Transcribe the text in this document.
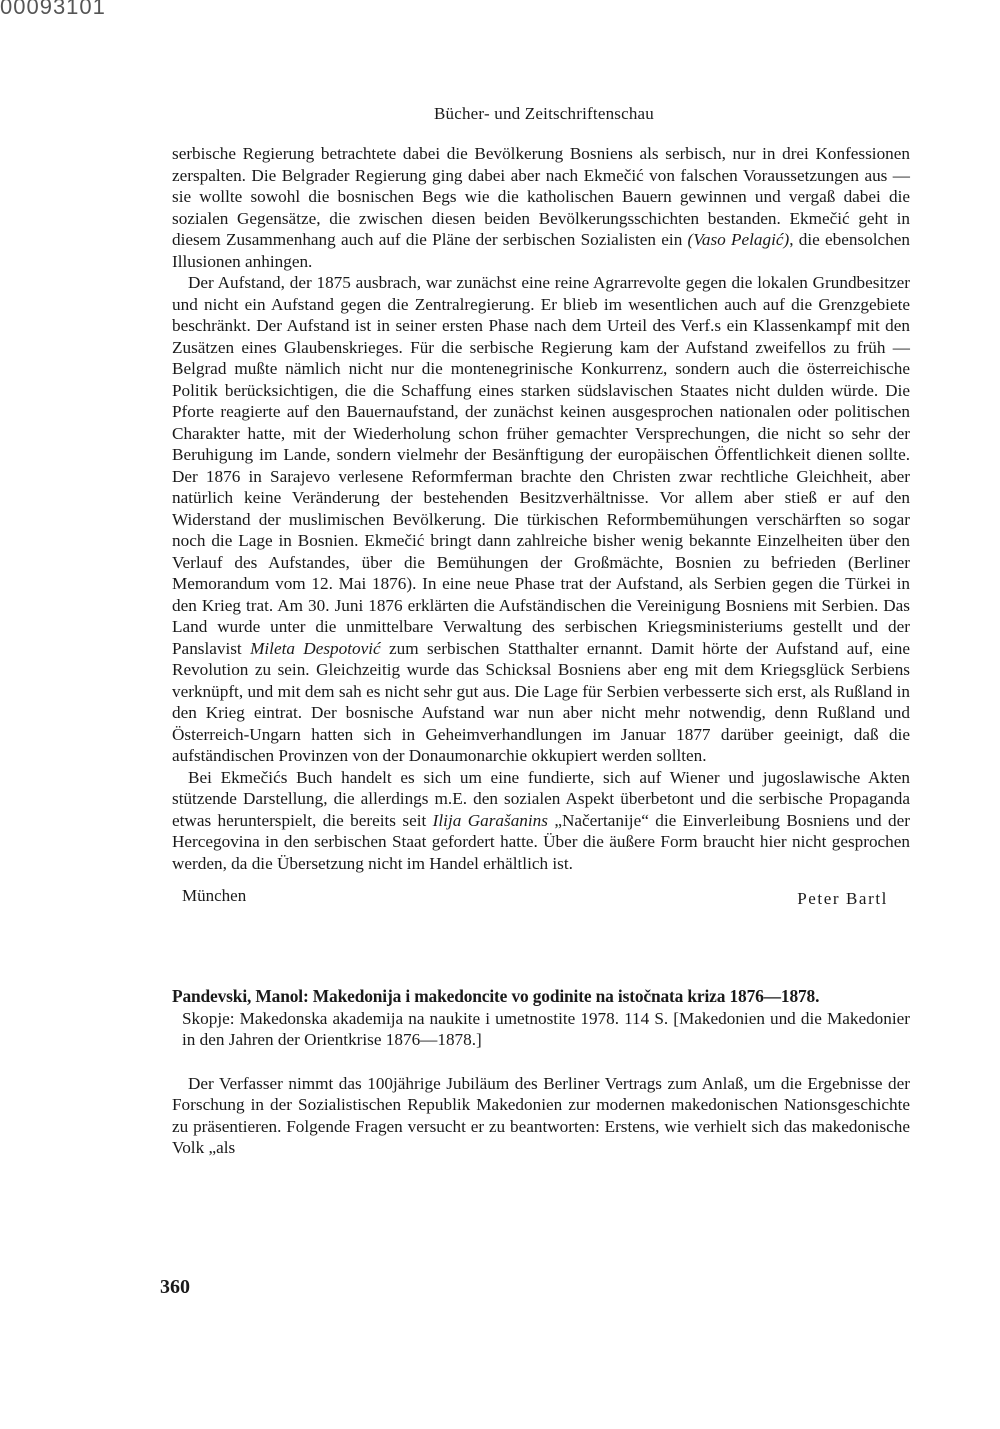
00093101
Bücher- und Zeitschriftenschau

serbische Regierung betrachtete dabei die Bevölkerung Bosniens als serbisch, nur in drei Konfessionen zerspalten. Die Belgrader Regierung ging dabei aber nach Ekmečić von falschen Voraussetzungen aus — sie wollte sowohl die bosnischen Begs wie die katholischen Bauern gewinnen und vergaß dabei die sozialen Gegensätze, die zwischen diesen beiden Bevölkerungsschichten bestanden. Ekmečić geht in diesem Zusammenhang auch auf die Pläne der serbischen Sozialisten ein (Vaso Pelagić), die ebensolchen Illusionen anhingen.

Der Aufstand, der 1875 ausbrach, war zunächst eine reine Agrarrevolte gegen die lokalen Grundbesitzer und nicht ein Aufstand gegen die Zentralregierung. Er blieb im wesentlichen auch auf die Grenzgebiete beschränkt. Der Aufstand ist in seiner ersten Phase nach dem Urteil des Verf.s ein Klassenkampf mit den Zusätzen eines Glaubenskrieges. Für die serbische Regierung kam der Aufstand zweifellos zu früh — Belgrad mußte nämlich nicht nur die montenegrinische Konkurrenz, sondern auch die österreichische Politik berücksichtigen, die die Schaffung eines starken südslavischen Staates nicht dulden würde. Die Pforte reagierte auf den Bauernaufstand, der zunächst keinen ausgesprochen nationalen oder politischen Charakter hatte, mit der Wiederholung schon früher gemachter Versprechungen, die nicht so sehr der Beruhigung im Lande, sondern vielmehr der Besänftigung der europäischen Öffentlichkeit dienen sollte. Der 1876 in Sarajevo verlesene Reformferman brachte den Christen zwar rechtliche Gleichheit, aber natürlich keine Veränderung der bestehenden Besitzverhältnisse. Vor allem aber stieß er auf den Widerstand der muslimischen Bevölkerung. Die türkischen Reformbemühungen verschärften so sogar noch die Lage in Bosnien. Ekmečić bringt dann zahlreiche bisher wenig bekannte Einzelheiten über den Verlauf des Aufstandes, über die Bemühungen der Großmächte, Bosnien zu befrieden (Berliner Memorandum vom 12. Mai 1876). In eine neue Phase trat der Aufstand, als Serbien gegen die Türkei in den Krieg trat. Am 30. Juni 1876 erklärten die Aufständischen die Vereinigung Bosniens mit Serbien. Das Land wurde unter die unmittelbare Verwaltung des serbischen Kriegsministeriums gestellt und der Panslavist Mileta Despotović zum serbischen Statthalter ernannt. Damit hörte der Aufstand auf, eine Revolution zu sein. Gleichzeitig wurde das Schicksal Bosniens aber eng mit dem Kriegsglück Serbiens verknüpft, und mit dem sah es nicht sehr gut aus. Die Lage für Serbien verbesserte sich erst, als Rußland in den Krieg eintrat. Der bosnische Aufstand war nun aber nicht mehr notwendig, denn Rußland und Österreich-Ungarn hatten sich in Geheimverhandlungen im Januar 1877 darüber geeinigt, daß die aufständischen Provinzen von der Donaumonarchie okkupiert werden sollten.

Bei Ekmečićs Buch handelt es sich um eine fundierte, sich auf Wiener und jugoslawische Akten stützende Darstellung, die allerdings m.E. den sozialen Aspekt überbetont und die serbische Propaganda etwas herunterspielt, die bereits seit Ilija Garašanins „Načertanije“ die Einverleibung Bosniens und der Hercegovina in den serbischen Staat gefordert hatte. Über die äußere Form braucht hier nicht gesprochen werden, da die Übersetzung nicht im Handel erhältlich ist.

München	Peter Bartl
Pandevski, Manol: Makedonija i makedoncite vo godinite na istočnata kriza 1876—1878.
Skopje: Makedonska akademija na naukite i umetnostite 1978. 114 S. [Makedonien und die Makedonier in den Jahren der Orientkrise 1876—1878.]

Der Verfasser nimmt das 100jährige Jubiläum des Berliner Vertrags zum Anlaß, um die Ergebnisse der Forschung in der Sozialistischen Republik Makedonien zur modernen makedonischen Nationsgeschichte zu präsentieren. Folgende Fragen versucht er zu beantworten: Erstens, wie verhielt sich das makedonische Volk „als

360
